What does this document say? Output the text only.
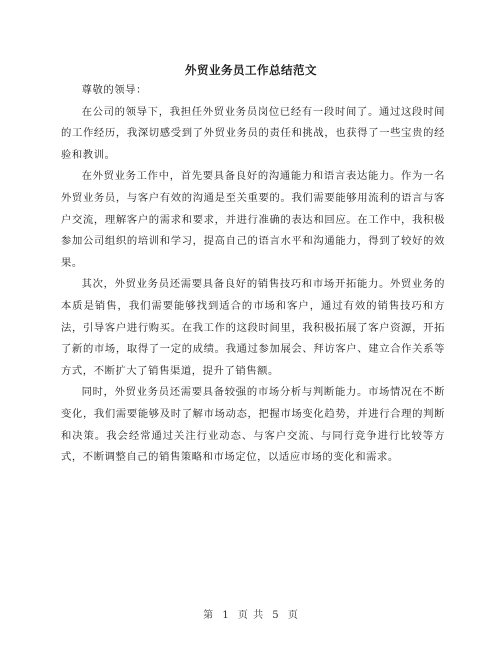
外贸业务员工作总结范文

尊敬的领导：

在公司的领导下，我担任外贸业务员岗位已经有一段时间了。通过这段时间的工作经历，我深切感受到了外贸业务员的责任和挑战，也获得了一些宝贵的经验和教训。

在外贸业务工作中，首先要具备良好的沟通能力和语言表达能力。作为一名外贸业务员，与客户有效的沟通是至关重要的。我们需要能够用流利的语言与客户交流，理解客户的需求和要求，并进行准确的表达和回应。在工作中，我积极参加公司组织的培训和学习，提高自己的语言水平和沟通能力，得到了较好的效果。

其次，外贸业务员还需要具备良好的销售技巧和市场开拓能力。外贸业务的本质是销售，我们需要能够找到适合的市场和客户，通过有效的销售技巧和方法，引导客户进行购买。在我工作的这段时间里，我积极拓展了客户资源，开拓了新的市场，取得了一定的成绩。我通过参加展会、拜访客户、建立合作关系等方式，不断扩大了销售渠道，提升了销售额。

同时，外贸业务员还需要具备较强的市场分析与判断能力。市场情况在不断变化，我们需要能够及时了解市场动态，把握市场变化趋势，并进行合理的判断和决策。我会经常通过关注行业动态、与客户交流、与同行竞争进行比较等方式，不断调整自己的销售策略和市场定位，以适应市场的变化和需求。

第 1 页 共 5 页
